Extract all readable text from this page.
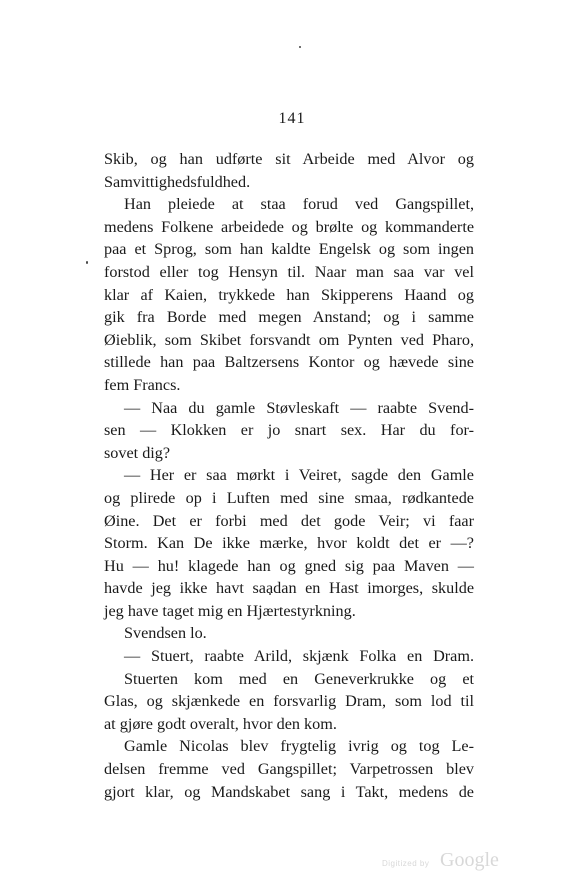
141
Skib, og han udførte sit Arbeide med Alvor og
Samvittighedsfuldhed.
Han pleiede at staa forud ved Gangspillet,
medens Folkene arbeidede og brølte og kommanderte
paa et Sprog, som han kaldte Engelsk og som ingen
forstod eller tog Hensyn til. Naar man saa var vel
klar af Kaien, trykkede han Skipperens Haand og
gik fra Borde med megen Anstand; og i samme
Øieblik, som Skibet forsvandt om Pynten ved Pharo,
stillede han paa Baltzersens Kontor og hævede sine
fem Francs.
— Naa du gamle Støvleskaft — raabte Svend-
sen — Klokken er jo snart sex. Har du for-
sovet dig?
— Her er saa mørkt i Veiret, sagde den Gamle
og plirede op i Luften med sine smaa, rødkantede
Øine. Det er forbi med det gode Veir; vi faar
Storm. Kan De ikke mærke, hvor koldt det er —?
Hu — hu! klagede han og gned sig paa Maven —
havde jeg ikke havt saadan en Hast imorges, skulde
jeg have taget mig en Hjærtestyrkning.
Svendsen lo.
— Stuert, raabte Arild, skjænk Folka en Dram.
Stuerten kom med en Geneverkrukke og et
Glas, og skjænkede en forsvarlig Dram, som lod til
at gjøre godt overalt, hvor den kom.
Gamle Nicolas blev frygtelig ivrig og tog Le-
delsen fremme ved Gangspillet; Varpetrossen blev
gjort klar, og Mandskabet sang i Takt, medens de
Digitized by Google
